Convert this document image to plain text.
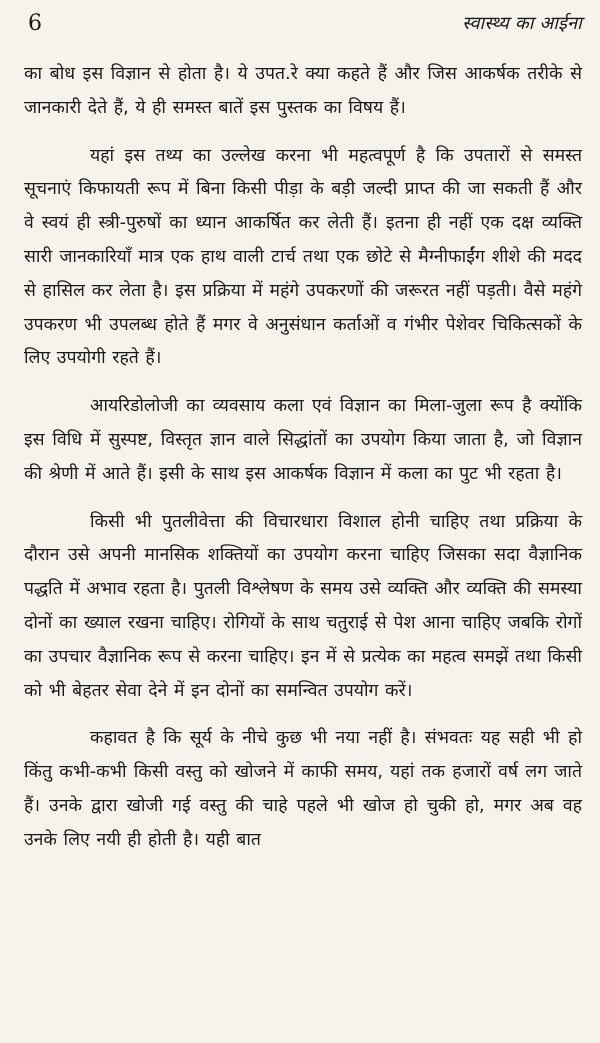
6	स्वास्थ्य का आईना

का बोध इस विज्ञान से होता है। ये उपत.रे क्या कहते हैं और जिस आकर्षक तरीके से जानकारी देते हैं, ये ही समस्त बातें इस पुस्तक का विषय हैं।

यहां इस तथ्य का उल्लेख करना भी महत्वपूर्ण है कि उपतारों से समस्त सूचनाएं किफायती रूप में बिना किसी पीड़ा के बड़ी जल्दी प्राप्त की जा सकती हैं और वे स्वयं ही स्त्री-पुरुषों का ध्यान आकर्षित कर लेती हैं। इतना ही नहीं एक दक्ष व्यक्ति सारी जानकारियाँ मात्र एक हाथ वाली टार्च तथा एक छोटे से मैग्नीफाईंग शीशे की मदद से हासिल कर लेता है। इस प्रक्रिया में महंगे उपकरणों की जरूरत नहीं पड़ती। वैसे महंगे उपकरण भी उपलब्ध होते हैं मगर वे अनुसंधान कर्ताओं व गंभीर पेशेवर चिकित्सकों के लिए उपयोगी रहते हैं।

आयरिडोलोजी का व्यवसाय कला एवं विज्ञान का मिला-जुला रूप है क्योंकि इस विधि में सुस्पष्ट, विस्तृत ज्ञान वाले सिद्धांतों का उपयोग किया जाता है, जो विज्ञान की श्रेणी में आते हैं। इसी के साथ इस आकर्षक विज्ञान में कला का पुट भी रहता है।

किसी भी पुतलीवेत्ता की विचारधारा विशाल होनी चाहिए तथा प्रक्रिया के दौरान उसे अपनी मानसिक शक्तियों का उपयोग करना चाहिए जिसका सदा वैज्ञानिक पद्धति में अभाव रहता है। पुतली विश्लेषण के समय उसे व्यक्ति और व्यक्ति की समस्या दोनों का ख्याल रखना चाहिए। रोगियों के साथ चतुराई से पेश आना चाहिए जबकि रोगों का उपचार वैज्ञानिक रूप से करना चाहिए। इन में से प्रत्येक का महत्व समझें तथा किसी को भी बेहतर सेवा देने में इन दोनों का समन्वित उपयोग करें।

कहावत है कि सूर्य के नीचे कुछ भी नया नहीं है। संभवतः यह सही भी हो किंतु कभी-कभी किसी वस्तु को खोजने में काफी समय, यहां तक हजारों वर्ष लग जाते हैं। उनके द्वारा खोजी गई वस्तु की चाहे पहले भी खोज हो चुकी हो, मगर अब वह उनके लिए नयी ही होती है। यही बात
